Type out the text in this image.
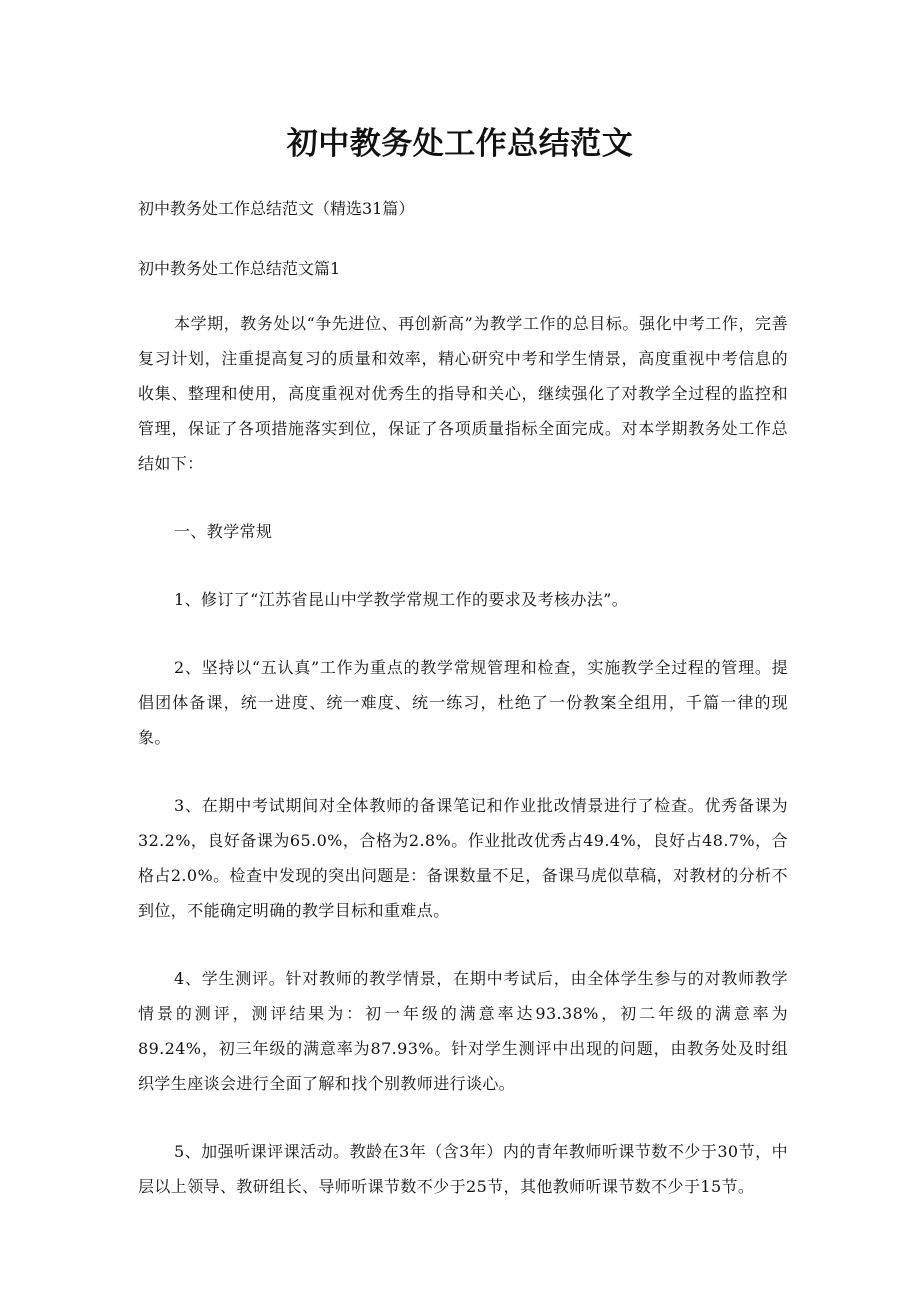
初中教务处工作总结范文

初中教务处工作总结范文（精选31篇）

初中教务处工作总结范文篇1

本学期，教务处以“争先进位、再创新高”为教学工作的总目标。强化中考工作，完善复习计划，注重提高复习的质量和效率，精心研究中考和学生情景，高度重视中考信息的收集、整理和使用，高度重视对优秀生的指导和关心，继续强化了对教学全过程的监控和管理，保证了各项措施落实到位，保证了各项质量指标全面完成。对本学期教务处工作总结如下：

一、教学常规

1、修订了“江苏省昆山中学教学常规工作的要求及考核办法”。

2、坚持以“五认真”工作为重点的教学常规管理和检查，实施教学全过程的管理。提倡团体备课，统一进度、统一难度、统一练习，杜绝了一份教案全组用，千篇一律的现象。

3、在期中考试期间对全体教师的备课笔记和作业批改情景进行了检查。优秀备课为32.2%，良好备课为65.0%，合格为2.8%。作业批改优秀占49.4%，良好占48.7%，合格占2.0%。检查中发现的突出问题是：备课数量不足，备课马虎似草稿，对教材的分析不到位，不能确定明确的教学目标和重难点。

4、学生测评。针对教师的教学情景，在期中考试后，由全体学生参与的对教师教学情景的测评，测评结果为：初一年级的满意率达93.38%，初二年级的满意率为89.24%，初三年级的满意率为87.93%。针对学生测评中出现的问题，由教务处及时组织学生座谈会进行全面了解和找个别教师进行谈心。

5、加强听课评课活动。教龄在3年（含3年）内的青年教师听课节数不少于30节，中层以上领导、教研组长、导师听课节数不少于25节，其他教师听课节数不少于15节。
